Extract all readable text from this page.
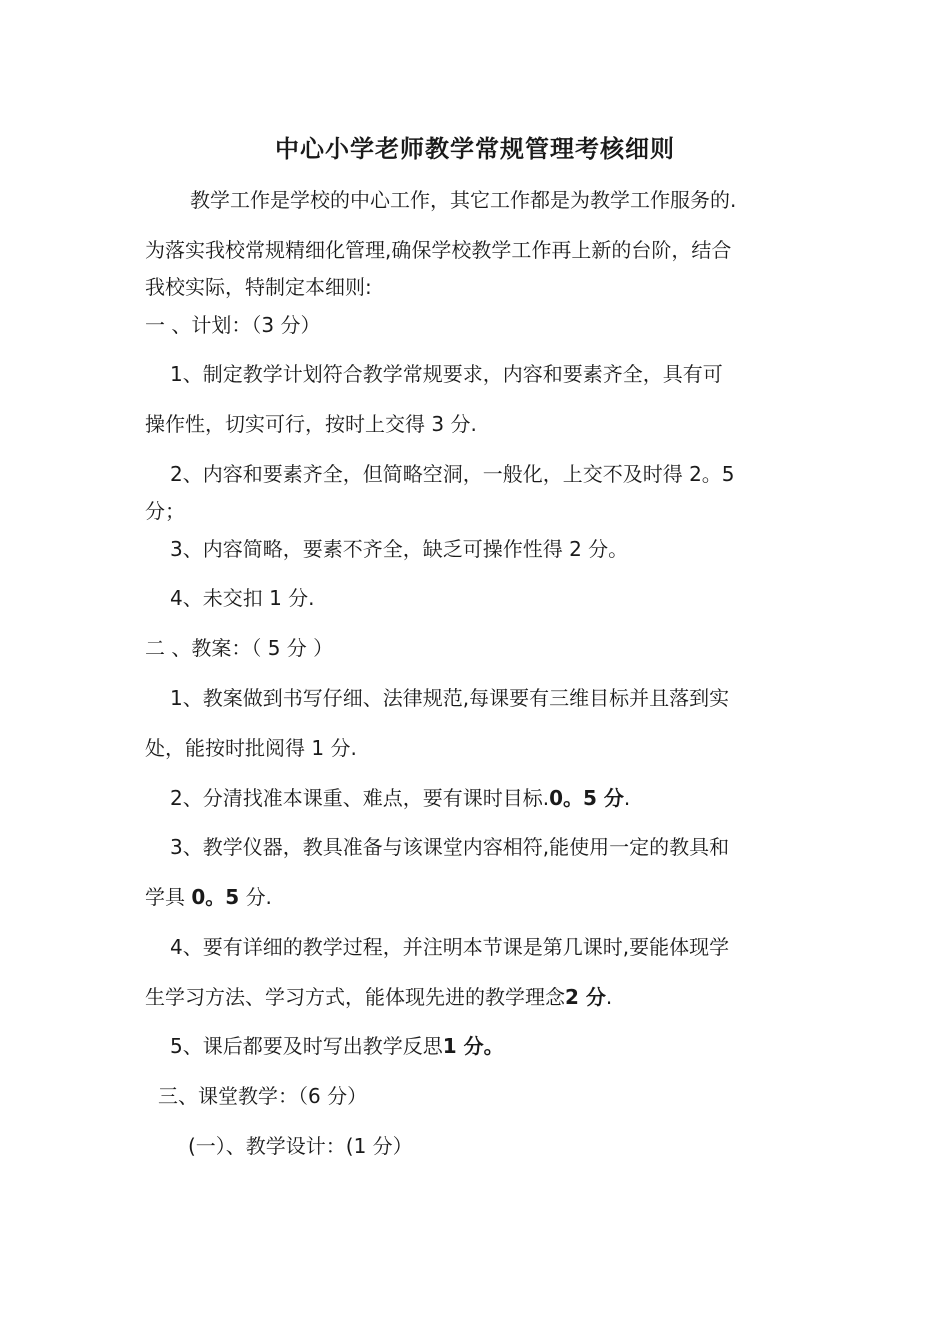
中心小学老师教学常规管理考核细则
教学工作是学校的中心工作，其它工作都是为教学工作服务的.
为落实我校常规精细化管理,确保学校教学工作再上新的台阶，结合
我校实际，特制定本细则:
一 、计划：（3 分）
1、制定教学计划符合教学常规要求，内容和要素齐全，具有可
操作性，切实可行，按时上交得 3 分.
2、内容和要素齐全，但简略空洞，一般化，上交不及时得 2。5
分；
3、内容简略，要素不齐全，缺乏可操作性得 2 分。
4、未交扣 1 分.
二 、教案：（ 5 分 ）
1、教案做到书写仔细、法律规范,每课要有三维目标并且落到实
处，能按时批阅得 1 分.
2、分清找准本课重、难点，要有课时目标.0。5 分.
3、教学仪器，教具准备与该课堂内容相符,能使用一定的教具和
学具 0。5 分.
4、要有详细的教学过程，并注明本节课是第几课时,要能体现学
生学习方法、学习方式，能体现先进的教学理念2 分.
5、课后都要及时写出教学反思1 分。
三、课堂教学：（6 分）
(一）、教学设计：(1 分）
